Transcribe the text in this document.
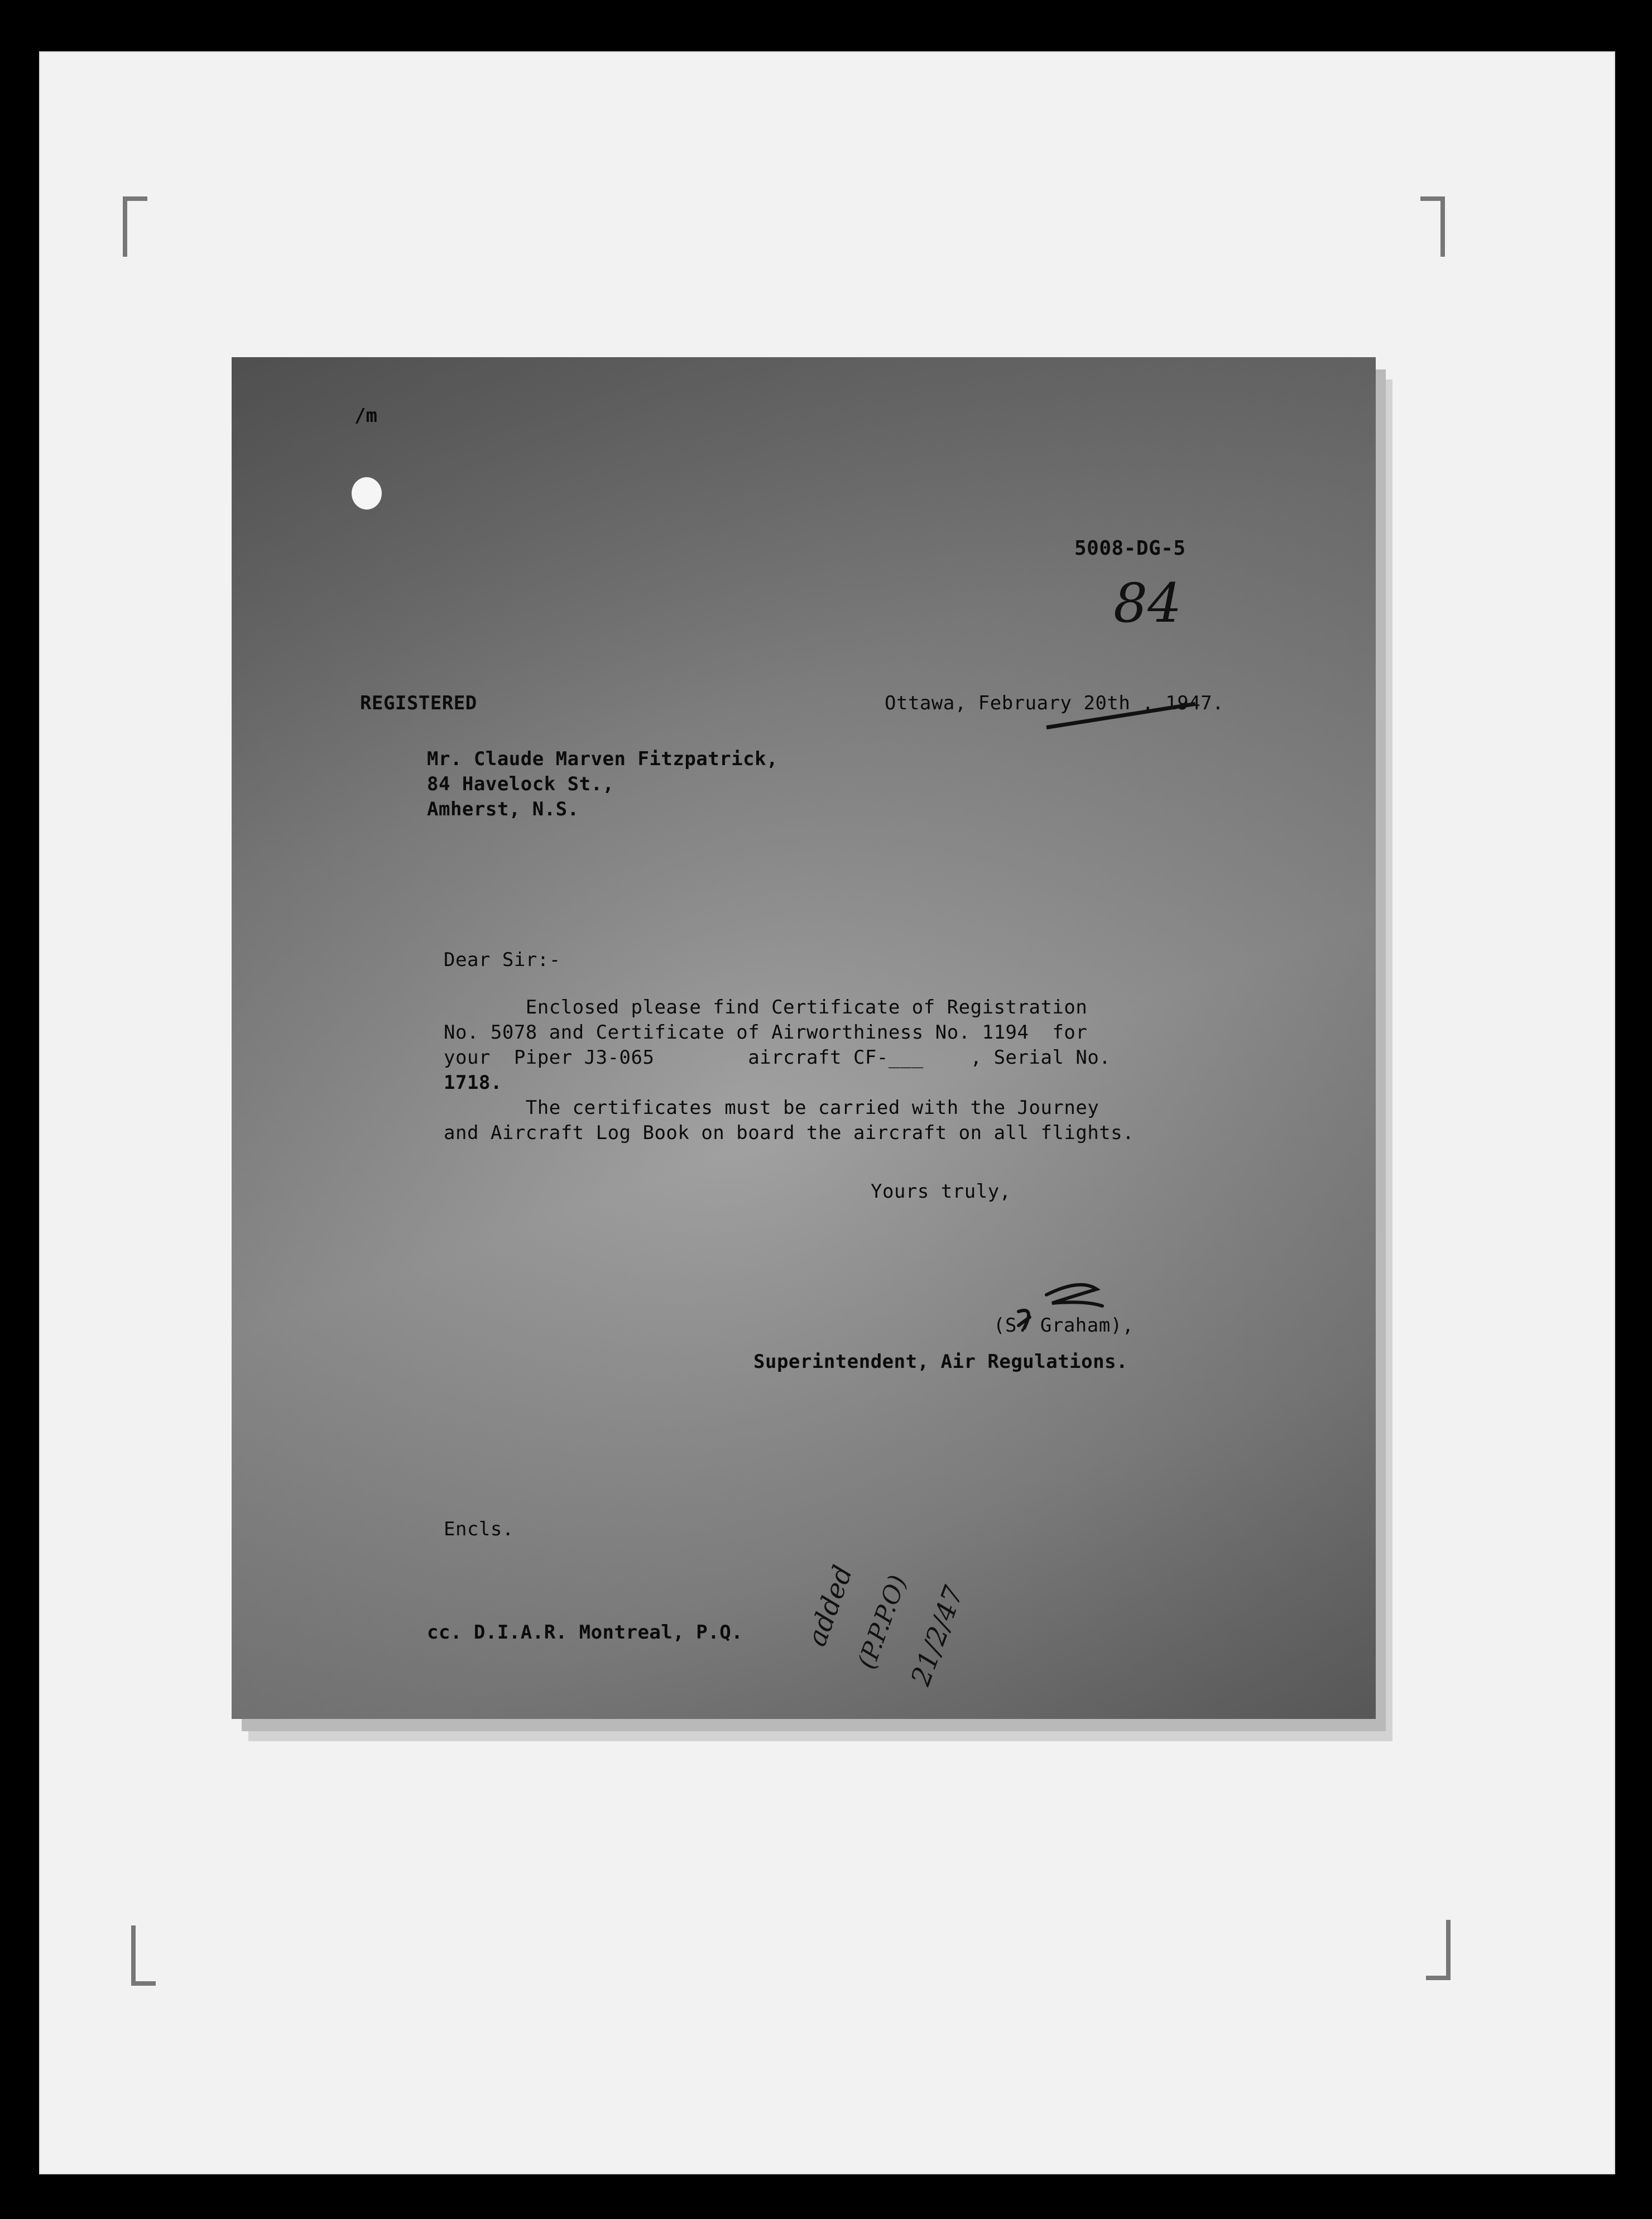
/m
5008-DG-5
84
REGISTERED	Ottawa, February 20th , 1947.
Mr. Claude Marven Fitzpatrick,
84 Havelock St.,
Amherst, N.S.
Dear Sir:-
Enclosed please find Certificate of Registration
No. 5078 and Certificate of Airworthiness No. 1194  for
your  Piper J3-065        aircraft CF-___    , Serial No.
1718.
The certificates must be carried with the Journey
and Aircraft Log Book on board the aircraft on all flights.
Yours truly,
(S. Graham),
Superintendent, Air Regulations.
Encls.
cc. D.I.A.R. Montreal, P.Q. added
(P.P.P.O)
21/2/47
